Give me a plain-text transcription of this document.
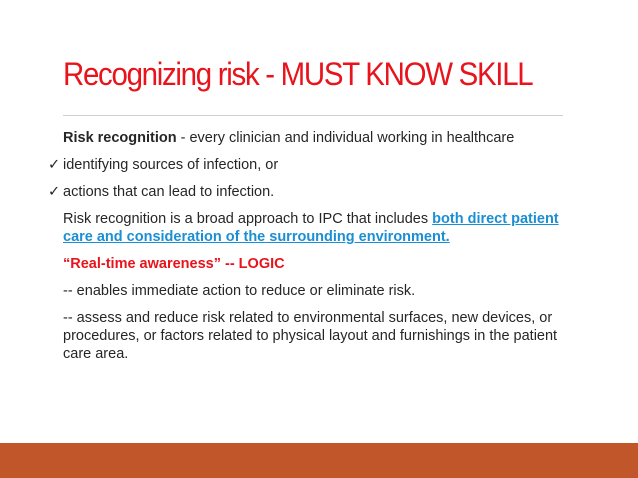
Recognizing risk - MUST KNOW SKILL

Risk recognition - every clinician and individual working in healthcare

✓ identifying sources of infection, or

✓ actions that can lead to infection.

Risk recognition is a broad approach to IPC that includes both direct patient care and consideration of the surrounding environment.

“Real-time awareness” -- LOGIC

-- enables immediate action to reduce or eliminate risk.

-- assess and reduce risk related to environmental surfaces, new devices, or procedures, or factors related to physical layout and furnishings in the patient care area.
